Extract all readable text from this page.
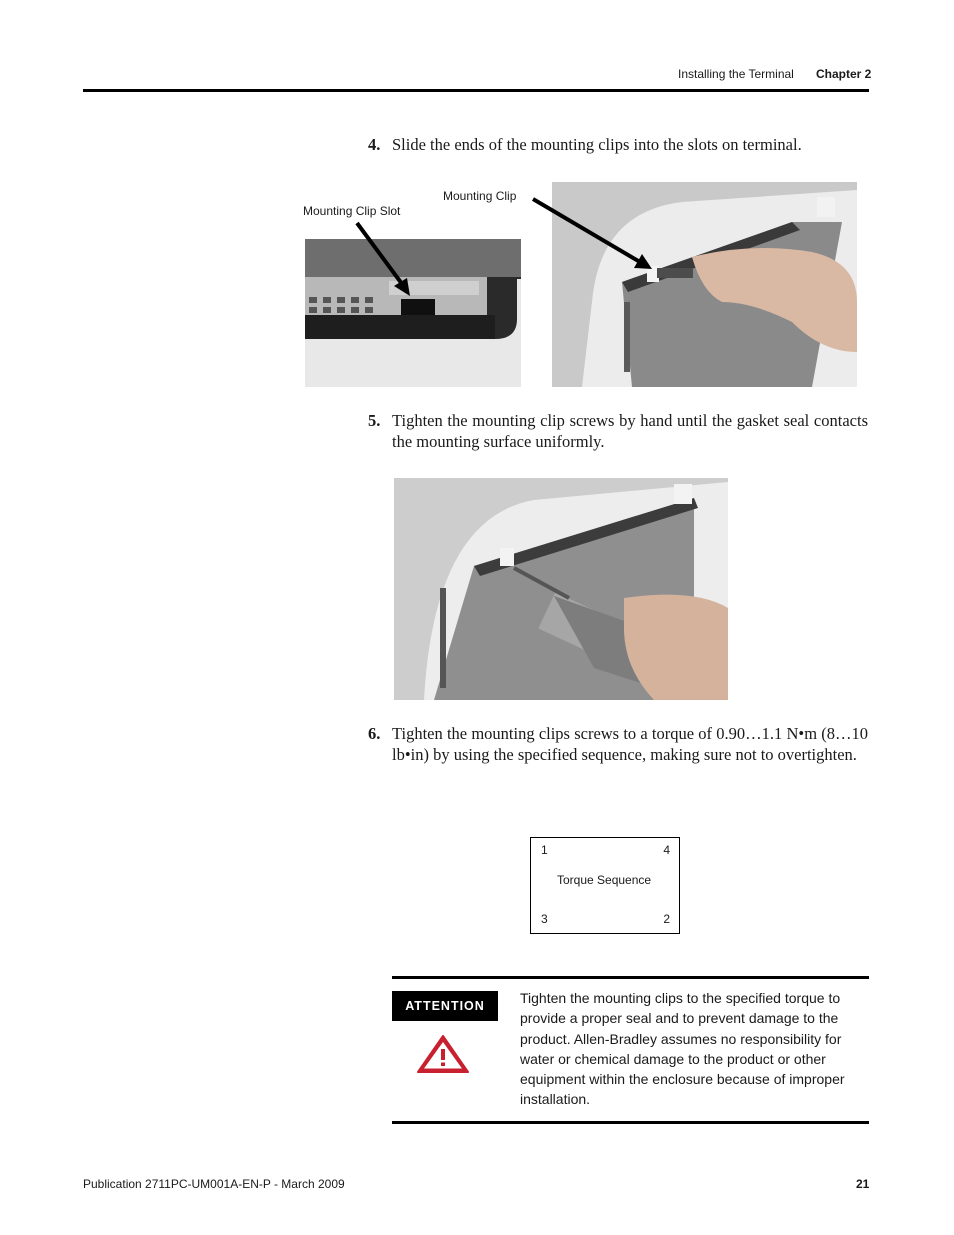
Installing the Terminal Chapter 2
4. Slide the ends of the mounting clips into the slots on terminal.
Mounting Clip
Mounting Clip Slot
5. Tighten the mounting clip screws by hand until the gasket seal contacts the mounting surface uniformly.
6. Tighten the mounting clips screws to a torque of 0.90…1.1 N•m (8…10 lb•in) by using the specified sequence, making sure not to overtighten.
1	4
Torque Sequence
3	2
ATTENTION	Tighten the mounting clips to the specified torque to provide a proper seal and to prevent damage to the product. Allen-Bradley assumes no responsibility for water or chemical damage to the product or other equipment within the enclosure because of improper installation.
Publication 2711PC-UM001A-EN-P - March 2009	21
